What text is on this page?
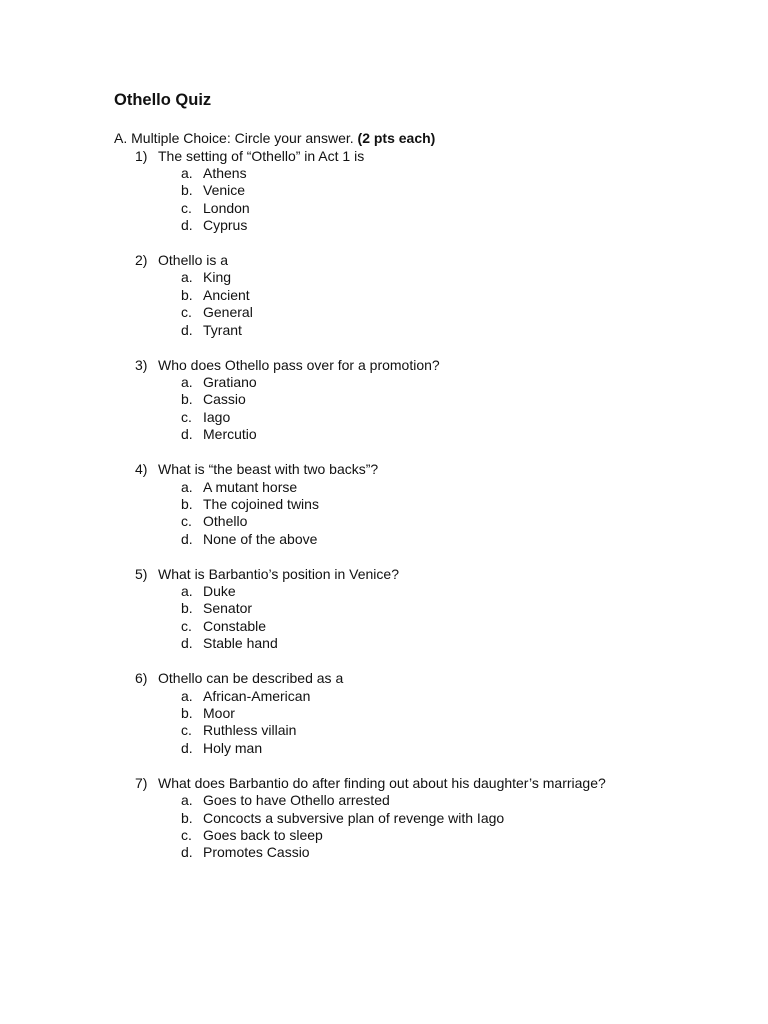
Othello Quiz

A. Multiple Choice: Circle your answer. (2 pts each)

1) The setting of “Othello” in Act 1 is
a. Athens
b. Venice
c. London
d. Cyprus
2) Othello is a
a. King
b. Ancient
c. General
d. Tyrant
3) Who does Othello pass over for a promotion?
a. Gratiano
b. Cassio
c. Iago
d. Mercutio
4) What is “the beast with two backs”?
a. A mutant horse
b. The cojoined twins
c. Othello
d. None of the above
5) What is Barbantio’s position in Venice?
a. Duke
b. Senator
c. Constable
d. Stable hand
6) Othello can be described as a
a. African-American
b. Moor
c. Ruthless villain
d. Holy man
7) What does Barbantio do after finding out about his daughter’s marriage?
a. Goes to have Othello arrested
b. Concocts a subversive plan of revenge with Iago
c. Goes back to sleep
d. Promotes Cassio
